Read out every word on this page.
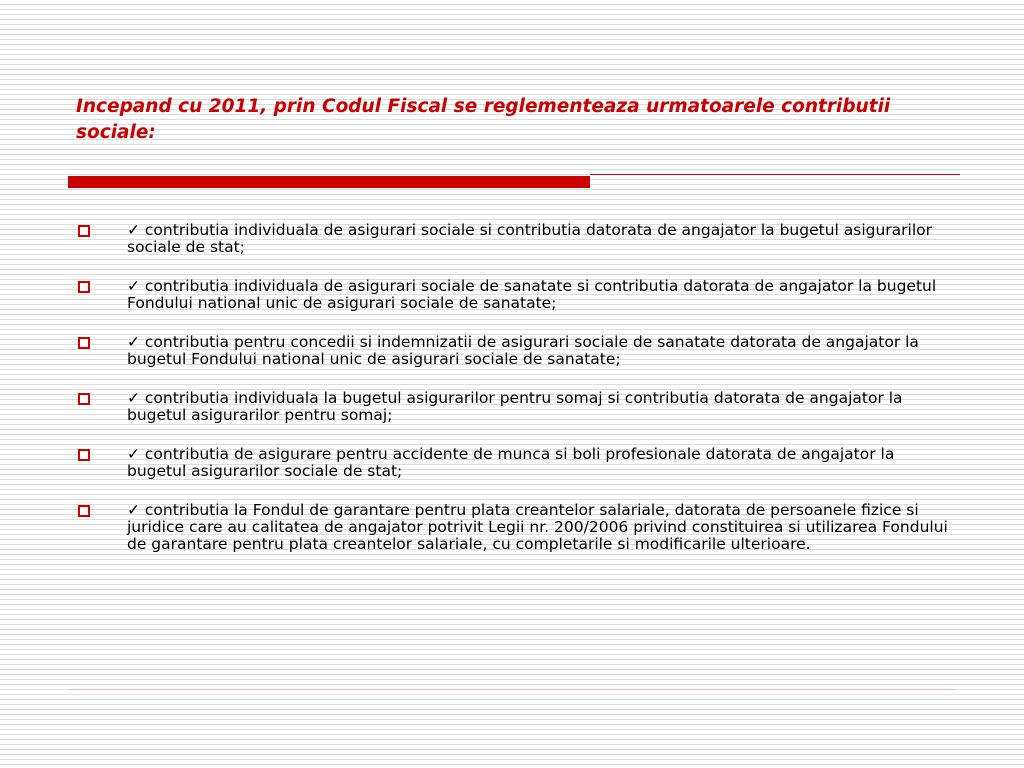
Incepand cu 2011, prin Codul Fiscal se reglementeaza urmatoarele contributii sociale:
✓ contributia individuala de asigurari sociale si contributia datorata de angajator la bugetul asigurarilor sociale de stat;
✓ contributia individuala de asigurari sociale de sanatate si contributia datorata de angajator la bugetul Fondului national unic de asigurari sociale de sanatate;
✓ contributia pentru concedii si indemnizatii de asigurari sociale de sanatate datorata de angajator la bugetul Fondului national unic de asigurari sociale de sanatate;
✓ contributia individuala la bugetul asigurarilor pentru somaj si contributia datorata de angajator la bugetul asigurarilor pentru somaj;
✓ contributia de asigurare pentru accidente de munca si boli profesionale datorata de angajator la bugetul asigurarilor sociale de stat;
✓ contributia la Fondul de garantare pentru plata creantelor salariale, datorata de persoanele fizice si juridice care au calitatea de angajator potrivit Legii nr. 200/2006 privind constituirea si utilizarea Fondului de garantare pentru plata creantelor salariale, cu completarile si modificarile ulterioare.
